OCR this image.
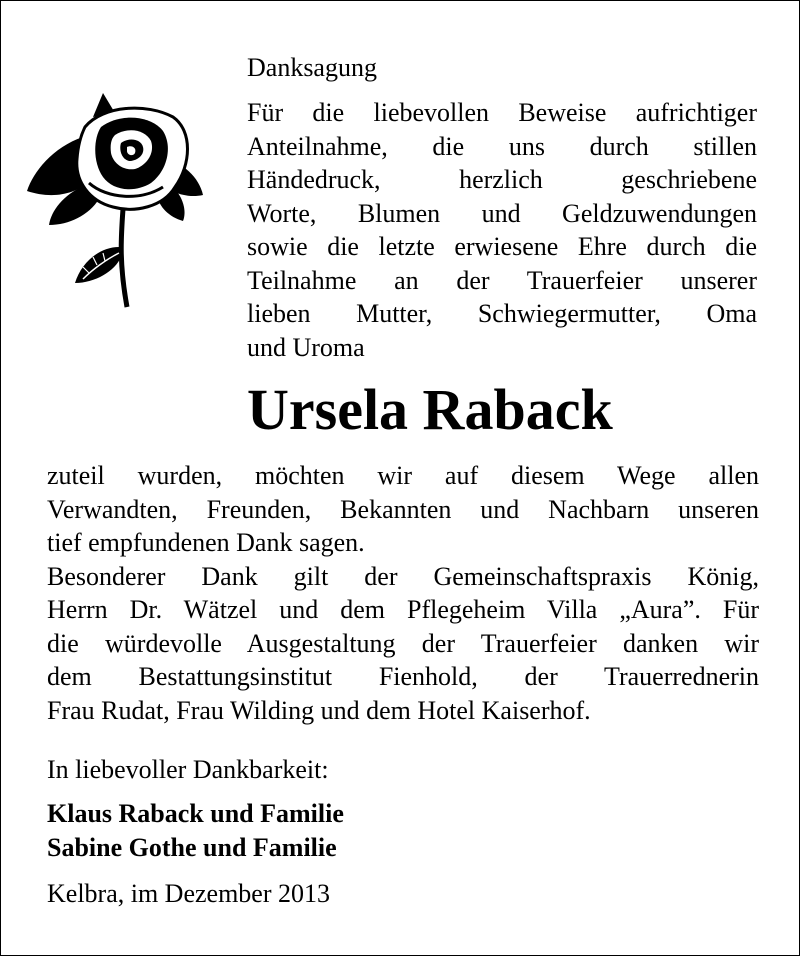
Danksagung

Für die liebevollen Beweise aufrichtiger
Anteilnahme, die uns durch stillen
Händedruck, herzlich geschriebene
Worte, Blumen und Geldzuwendungen
sowie die letzte erwiesene Ehre durch die
Teilnahme an der Trauerfeier unserer
lieben Mutter, Schwiegermutter, Oma
und Uroma
Ursela Raback
zuteil wurden, möchten wir auf diesem Wege allen
Verwandten, Freunden, Bekannten und Nachbarn unseren
tief empfundenen Dank sagen.
Besonderer Dank gilt der Gemeinschaftspraxis König,
Herrn Dr. Wätzel und dem Pflegeheim Villa „Aura”. Für
die würdevolle Ausgestaltung der Trauerfeier danken wir
dem Bestattungsinstitut Fienhold, der Trauerrednerin
Frau Rudat, Frau Wilding und dem Hotel Kaiserhof.

In liebevoller Dankbarkeit:

Klaus Raback und Familie
Sabine Gothe und Familie

Kelbra, im Dezember 2013
